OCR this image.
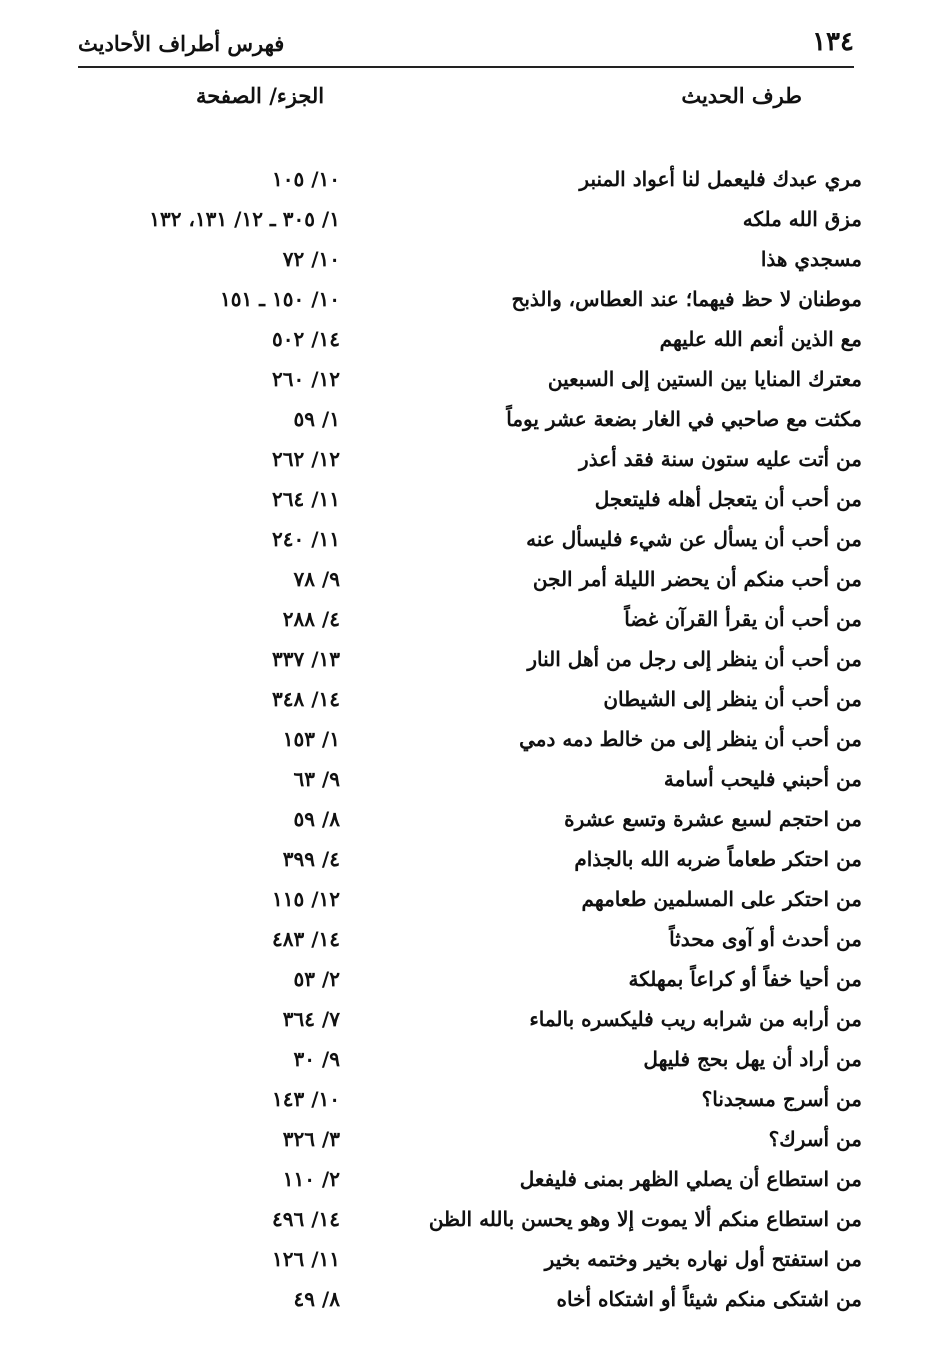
١٣٤
فهرس أطراف الأحاديث
طرف الحديث
الجزء/ الصفحة
مري عبدك فليعمل لنا أعواد المنبر
١٠/ ١٠٥
مزق الله ملكه
١/ ٣٠٥ ـ ١٢/ ١٣١، ١٣٢
مسجدي هذا
١٠/ ٧٢
موطنان لا حظ فيهما؛ عند العطاس، والذبح
١٠/ ١٥٠ ـ ١٥١
مع الذين أنعم الله عليهم
١٤/ ٥٠٢
معترك المنايا بين الستين إلى السبعين
١٢/ ٢٦٠
مكثت مع صاحبي في الغار بضعة عشر يوماً
١/ ٥٩
من أتت عليه ستون سنة فقد أعذر
١٢/ ٢٦٢
من أحب أن يتعجل أهله فليتعجل
١١/ ٢٦٤
من أحب أن يسأل عن شيء فليسأل عنه
١١/ ٢٤٠
من أحب منكم أن يحضر الليلة أمر الجن
٩/ ٧٨
من أحب أن يقرأ القرآن غضاً
٤/ ٢٨٨
من أحب أن ينظر إلى رجل من أهل النار
١٣/ ٣٣٧
من أحب أن ينظر إلى الشيطان
١٤/ ٣٤٨
من أحب أن ينظر إلى من خالط دمه دمي
١/ ١٥٣
من أحبني فليحب أسامة
٩/ ٦٣
من احتجم لسبع عشرة وتسع عشرة
٨/ ٥٩
من احتكر طعاماً ضربه الله بالجذام
٤/ ٣٩٩
من احتكر على المسلمين طعامهم
١٢/ ١١٥
من أحدث أو آوى محدثاً
١٤/ ٤٨٣
من أحيا خفاً أو كراعاً بمهلكة
٢/ ٥٣
من أرابه من شرابه ريب فليكسره بالماء
٧/ ٣٦٤
من أراد أن يهل بحج فليهل
٩/ ٣٠
من أسرج مسجدنا؟
١٠/ ١٤٣
من أسرك؟
٣/ ٣٢٦
من استطاع أن يصلي الظهر بمنى فليفعل
٢/ ١١٠
من استطاع منكم ألا يموت إلا وهو يحسن بالله الظن
١٤/ ٤٩٦
من استفتح أول نهاره بخير وختمه بخير
١١/ ١٢٦
من اشتكى منكم شيئاً أو اشتكاه أخاه
٨/ ٤٩
